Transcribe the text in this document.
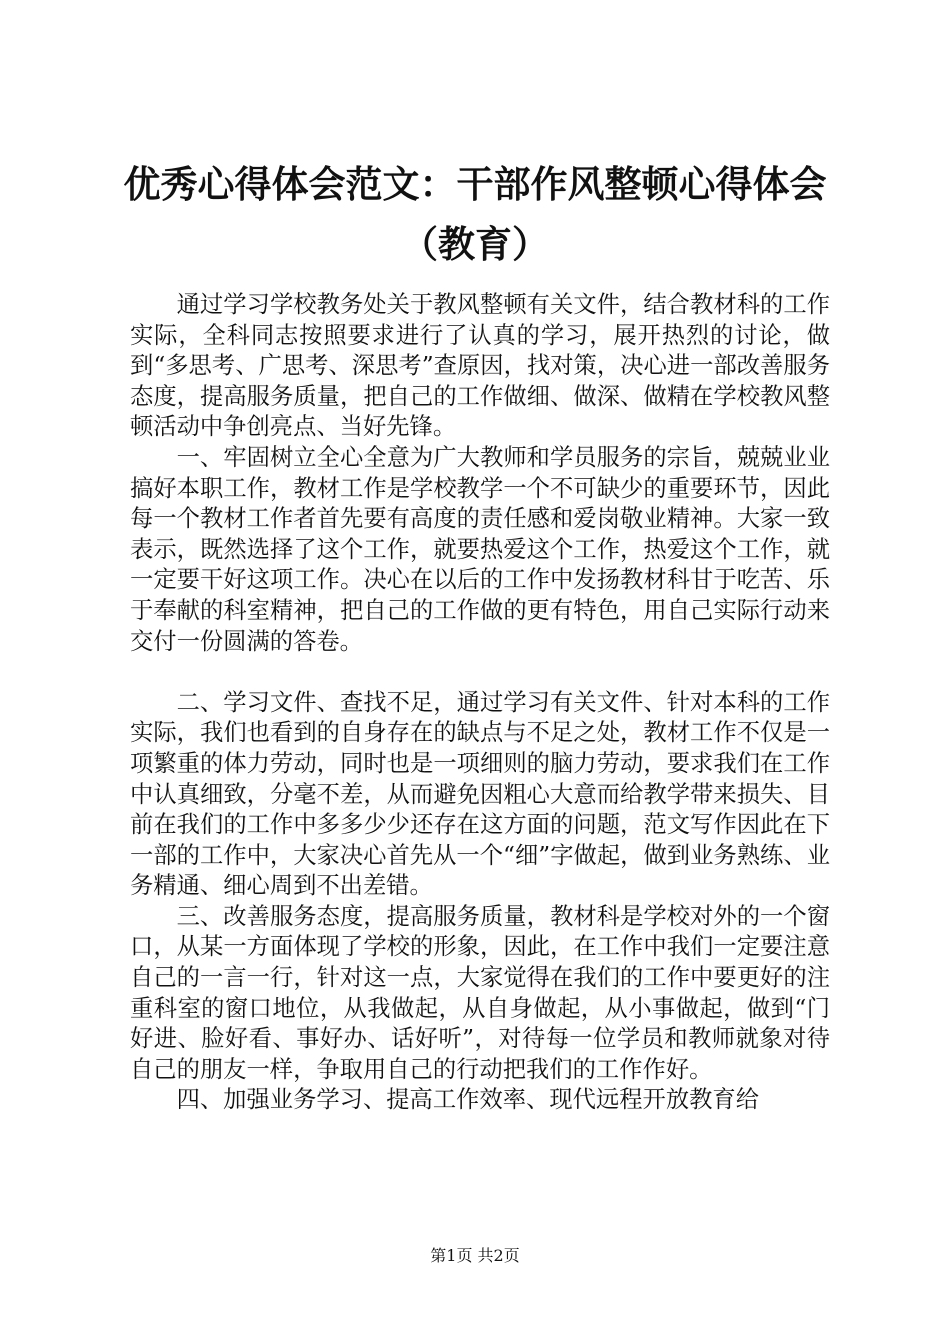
优秀心得体会范文：干部作风整顿心得体会
（教育）

通过学习学校教务处关于教风整顿有关文件，结合教材科的工作实际，全科同志按照要求进行了认真的学习，展开热烈的讨论，做到“多思考、广思考、深思考”查原因，找对策，决心进一部改善服务态度，提高服务质量，把自己的工作做细、做深、做精在学校教风整顿活动中争创亮点、当好先锋。

一、牢固树立全心全意为广大教师和学员服务的宗旨，兢兢业业搞好本职工作，教材工作是学校教学一个不可缺少的重要环节，因此每一个教材工作者首先要有高度的责任感和爱岗敬业精神。大家一致表示，既然选择了这个工作，就要热爱这个工作，热爱这个工作，就一定要干好这项工作。决心在以后的工作中发扬教材科甘于吃苦、乐于奉献的科室精神，把自己的工作做的更有特色，用自己实际行动来交付一份圆满的答卷。

二、学习文件、查找不足，通过学习有关文件、针对本科的工作实际，我们也看到的自身存在的缺点与不足之处，教材工作不仅是一项繁重的体力劳动，同时也是一项细则的脑力劳动，要求我们在工作中认真细致，分毫不差，从而避免因粗心大意而给教学带来损失、目前在我们的工作中多多少少还存在这方面的问题，范文写作因此在下一部的工作中，大家决心首先从一个“细”字做起，做到业务熟练、业务精通、细心周到不出差错。

三、改善服务态度，提高服务质量，教材科是学校对外的一个窗口，从某一方面体现了学校的形象，因此，在工作中我们一定要注意自己的一言一行，针对这一点，大家觉得在我们的工作中要更好的注重科室的窗口地位，从我做起，从自身做起，从小事做起，做到“门好进、脸好看、事好办、话好听”，对待每一位学员和教师就象对待自己的朋友一样，争取用自己的行动把我们的工作作好。

四、加强业务学习、提高工作效率、现代远程开放教育给

第1页 共2页
